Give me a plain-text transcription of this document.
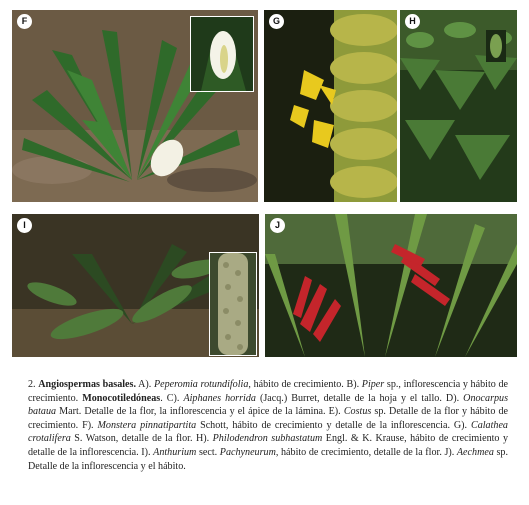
F	G	H
I	J
2. Angiospermas basales. A). Peperomia rotundifolia, hábito de crecimiento. B). Piper sp., inflorescencia y hábito de crecimiento. Monocotiledóneas. C). Aiphanes horrida (Jacq.) Burret, detalle de la hoja y el tallo. D). Onocarpus bataua Mart. Detalle de la flor, la inflorescencia y el ápice de la lámina. E). Costus sp. Detalle de la flor y hábito de crecimiento. F). Monstera pinnatipartita Schott, hábito de crecimiento y detalle de la inflorescencia. G). Calathea crotalifera S. Watson, detalle de la flor. H). Philodendron subhastatum Engl. & K. Krause, hábito de crecimiento y detalle de la inflorescencia. I). Anthurium sect. Pachyneurum, hábito de crecimiento, detalle de la flor. J). Aechmea sp. Detalle de la inflorescencia y el hábito.
